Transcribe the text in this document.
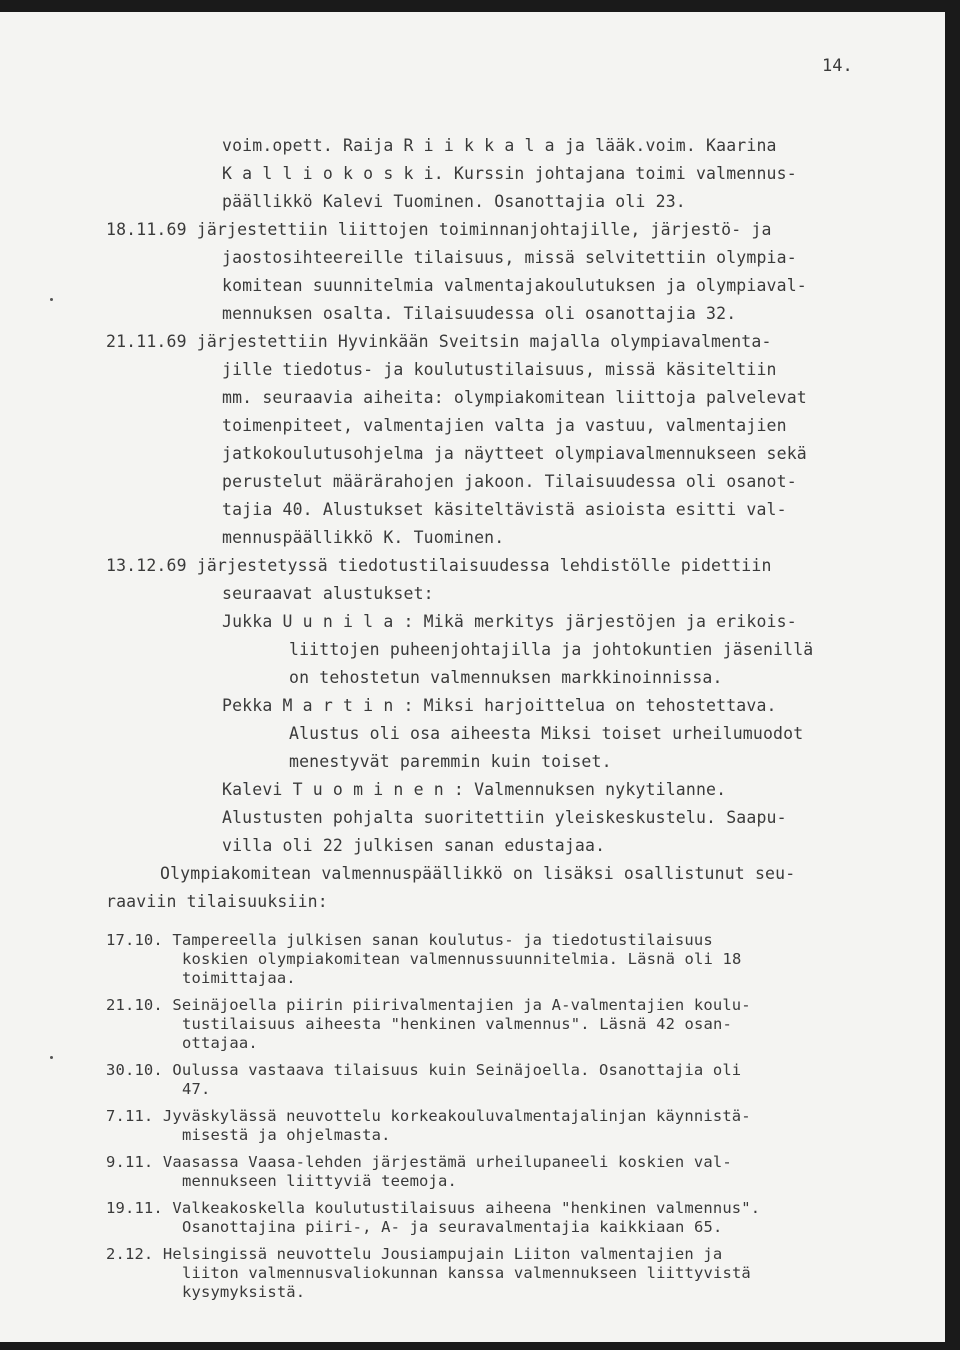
14.
voim.opett. Raija R i i k k a l a ja lääk.voim. Kaarina
K a l l i o k o s k i. Kurssin johtajana toimi valmennus-
päällikkö Kalevi Tuominen. Osanottajia oli 23.
18.11.69 järjestettiin liittojen toiminnanjohtajille, järjestö- ja
jaostosihteereille tilaisuus, missä selvitettiin olympia-
komitean suunnitelmia valmentajakoulutuksen ja olympiaval-
mennuksen osalta. Tilaisuudessa oli osanottajia 32.
21.11.69 järjestettiin Hyvinkään Sveitsin majalla olympiavalmenta-
jille tiedotus- ja koulutustilaisuus, missä käsiteltiin
mm. seuraavia aiheita: olympiakomitean liittoja palvelevat
toimenpiteet, valmentajien valta ja vastuu, valmentajien
jatkokoulutusohjelma ja näytteet olympiavalmennukseen sekä
perustelut määrärahojen jakoon. Tilaisuudessa oli osanot-
tajia 40. Alustukset käsiteltävistä asioista esitti val-
mennuspäällikkö K. Tuominen.
13.12.69 järjestetyssä tiedotustilaisuudessa lehdistölle pidettiin
seuraavat alustukset:
Jukka U u n i l a : Mikä merkitys järjestöjen ja erikois-
liittojen puheenjohtajilla ja johtokuntien jäsenillä
on tehostetun valmennuksen markkinoinnissa.
Pekka M a r t i n : Miksi harjoittelua on tehostettava.
Alustus oli osa aiheesta Miksi toiset urheilumuodot
menestyvät paremmin kuin toiset.
Kalevi T u o m i n e n : Valmennuksen nykytilanne.
Alustusten pohjalta suoritettiin yleiskeskustelu. Saapu-
villa oli 22 julkisen sanan edustajaa.
Olympiakomitean valmennuspäällikkö on lisäksi osallistunut seu-
raaviin tilaisuuksiin:
17.10. Tampereella julkisen sanan koulutus- ja tiedotustilaisuus
koskien olympiakomitean valmennussuunnitelmia. Läsnä oli 18
toimittajaa.
21.10. Seinäjoella piirin piirivalmentajien ja A-valmentajien koulu-
tustilaisuus aiheesta "henkinen valmennus". Läsnä 42 osan-
ottajaa.
30.10. Oulussa vastaava tilaisuus kuin Seinäjoella. Osanottajia oli
47.
7.11. Jyväskylässä neuvottelu korkeakouluvalmentajalinjan käynnistä-
misestä ja ohjelmasta.
9.11. Vaasassa Vaasa-lehden järjestämä urheilupaneeli koskien val-
mennukseen liittyviä teemoja.
19.11. Valkeakoskella koulutustilaisuus aiheena "henkinen valmennus".
Osanottajina piiri-, A- ja seuravalmentajia kaikkiaan 65.
2.12. Helsingissä neuvottelu Jousiampujain Liiton valmentajien ja
liiton valmennusvaliokunnan kanssa valmennukseen liittyvistä
kysymyksistä.
